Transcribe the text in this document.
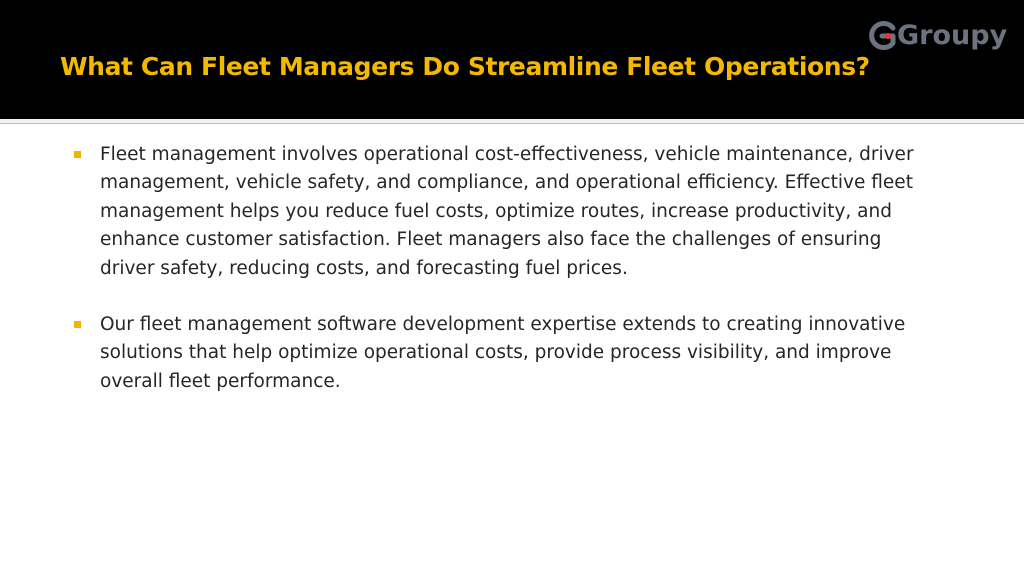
What Can Fleet Managers Do Streamline Fleet Operations?
Groupy
Fleet management involves operational cost-effectiveness, vehicle maintenance, driver management, vehicle safety, and compliance, and operational efficiency. Effective fleet management helps you reduce fuel costs, optimize routes, increase productivity, and enhance customer satisfaction. Fleet managers also face the challenges of ensuring driver safety, reducing costs, and forecasting fuel prices.
Our fleet management software development expertise extends to creating innovative solutions that help optimize operational costs, provide process visibility, and improve overall fleet performance.
